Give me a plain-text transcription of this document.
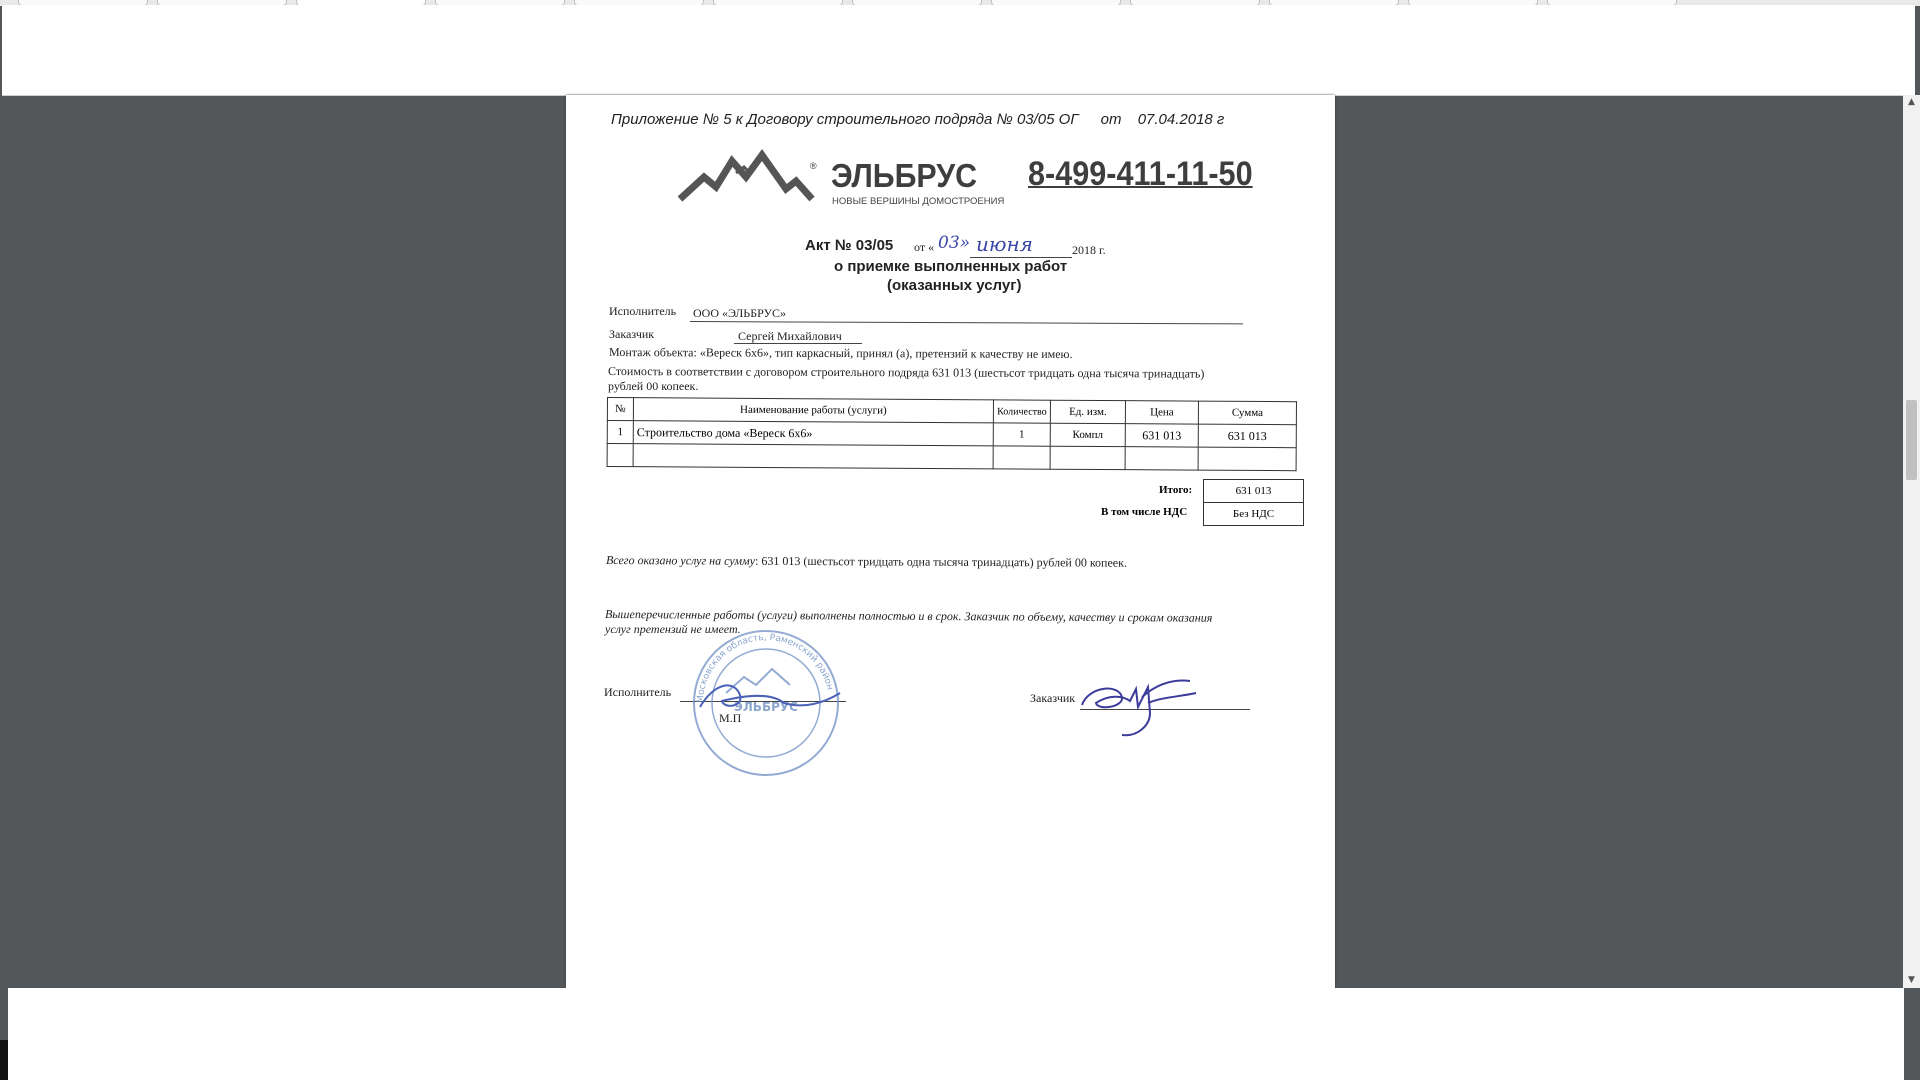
Приложение № 5 к Договору строительного подряда № 03/05 ОГ от 07.04.2018 г
® ЭЛЬБРУС
НОВЫЕ ВЕРШИНЫ ДОМОСТРОЕНИЯ
8-499-411-11-50
Акт № 03/05 от « 03» июня	2018 г.
о приемке выполненных работ
(оказанных услуг)
Исполнитель ООО «ЭЛЬБРУС»
Заказчик	Сергей Михайлович
Монтаж объекта: «Вереск 6х6», тип каркасный, принял (а), претензий к качеству не имею.
Стоимость в соответствии с договором строительного подряда 631 013 (шестьсот тридцать одна тысяча тринадцать)
рублей 00 копеек.
№	Наименование работы (услуги)	Количество	Ед. изм.	Цена	Сумма
1	Строительство дома «Вереск 6х6»	1	Компл	631 013	631 013

Итого:	631 013
В том числе НДС	Без НДС
Всего оказано услуг на сумму: 631 013 (шестьсот тридцать одна тысяча тринадцать) рублей 00 копеек.
Вышеперечисленные работы (услуги) выполнены полностью и в срок. Заказчик по объему, качеству и срокам оказания
услуг претензий не имеет.
Исполнитель
М.П
Московская область, Раменский район
ЭЛЬБРУС
Заказчик
▲
▼
